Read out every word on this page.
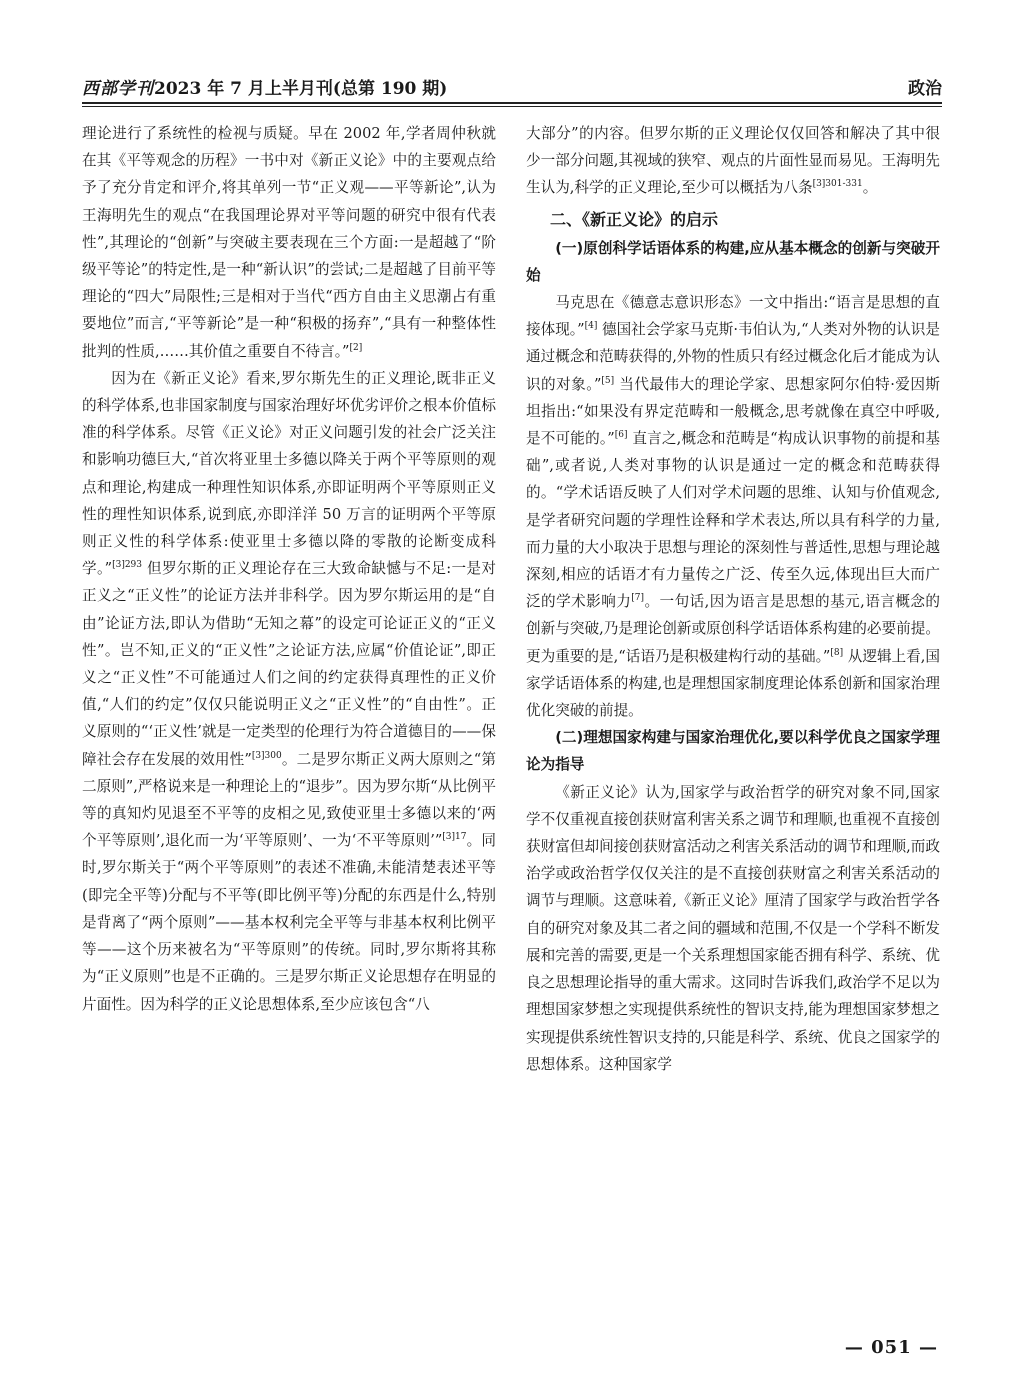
西部学刊2023 年 7 月上半月刊(总第 190 期)	政治

理论进行了系统性的检视与质疑。早在 2002 年,学者周仲秋就在其《平等观念的历程》一书中对《新正义论》中的主要观点给予了充分肯定和评介,将其单列一节“正义观——平等新论”,认为王海明先生的观点“在我国理论界对平等问题的研究中很有代表性”,其理论的“创新”与突破主要表现在三个方面:一是超越了“阶级平等论”的特定性,是一种“新认识”的尝试;二是超越了目前平等理论的“四大”局限性;三是相对于当代“西方自由主义思潮占有重要地位”而言,“平等新论”是一种“积极的扬弃”,“具有一种整体性批判的性质,……其价值之重要自不待言。”[2]

因为在《新正义论》看来,罗尔斯先生的正义理论,既非正义的科学体系,也非国家制度与国家治理好坏优劣评价之根本价值标准的科学体系。尽管《正义论》对正义问题引发的社会广泛关注和影响功德巨大,“首次将亚里士多德以降关于两个平等原则的观点和理论,构建成一种理性知识体系,亦即证明两个平等原则正义性的理性知识体系,说到底,亦即洋洋 50 万言的证明两个平等原则正义性的科学体系:使亚里士多德以降的零散的论断变成科学。”$^{[3]293}$ 但罗尔斯的正义理论存在三大致命缺憾与不足:一是对正义之“正义性”的论证方法并非科学。因为罗尔斯运用的是“自由”论证方法,即认为借助“无知之幕”的设定可论证正义的“正义性”。岂不知,正义的“正义性”之论证方法,应属“价值论证”,即正义之“正义性”不可能通过人们之间的约定获得真理性的正义价值,“人们的约定”仅仅只能说明正义之“正义性”的“自由性”。正义原则的“‘正义性’就是一定类型的伦理行为符合道德目的——保障社会存在发展的效用性”$^{[3]300}$。二是罗尔斯正义两大原则之“第二原则”,严格说来是一种理论上的“退步”。因为罗尔斯“从比例平等的真知灼见退至不平等的皮相之见,致使亚里士多德以来的‘两个平等原则’,退化而一为‘平等原则’、一为‘不平等原则’”$^{[3]17}$。同时,罗尔斯关于“两个平等原则”的表述不准确,未能清楚表述平等(即完全平等)分配与不平等(即比例平等)分配的东西是什么,特别是背离了“两个原则”——基本权利完全平等与非基本权利比例平等——这个历来被名为“平等原则”的传统。同时,罗尔斯将其称为“正义原则”也是不正确的。三是罗尔斯正义论思想存在明显的片面性。因为科学的正义论思想体系,至少应该包含“八

大部分”的内容。但罗尔斯的正义理论仅仅回答和解决了其中很少一部分问题,其视域的狭窄、观点的片面性显而易见。王海明先生认为,科学的正义理论,至少可以概括为八条$^{[3]301-331}$。

二、《新正义论》的启示
(一)原创科学话语体系的构建,应从基本概念的创新与突破开始

马克思在《德意志意识形态》一文中指出:“语言是思想的直接体现。”[4] 德国社会学家马克斯·韦伯认为,“人类对外物的认识是通过概念和范畴获得的,外物的性质只有经过概念化后才能成为认识的对象。”[5] 当代最伟大的理论学家、思想家阿尔伯特·爱因斯坦指出:“如果没有界定范畴和一般概念,思考就像在真空中呼吸,是不可能的。”[6] 直言之,概念和范畴是“构成认识事物的前提和基础”,或者说,人类对事物的认识是通过一定的概念和范畴获得的。“学术话语反映了人们对学术问题的思维、认知与价值观念,是学者研究问题的学理性诠释和学术表达,所以具有科学的力量,而力量的大小取决于思想与理论的深刻性与普适性,思想与理论越深刻,相应的话语才有力量传之广泛、传至久远,体现出巨大而广泛的学术影响力[7]。一句话,因为语言是思想的基元,语言概念的创新与突破,乃是理论创新或原创科学话语体系构建的必要前提。更为重要的是,“话语乃是积极建构行动的基础。”[8] 从逻辑上看,国家学话语体系的构建,也是理想国家制度理论体系创新和国家治理优化突破的前提。

(二)理想国家构建与国家治理优化,要以科学优良之国家学理论为指导

《新正义论》认为,国家学与政治哲学的研究对象不同,国家学不仅重视直接创获财富利害关系之调节和理顺,也重视不直接创获财富但却间接创获财富活动之利害关系活动的调节和理顺,而政治学或政治哲学仅仅关注的是不直接创获财富之利害关系活动的调节与理顺。这意味着,《新正义论》厘清了国家学与政治哲学各自的研究对象及其二者之间的疆域和范围,不仅是一个学科不断发展和完善的需要,更是一个关系理想国家能否拥有科学、系统、优良之思想理论指导的重大需求。这同时告诉我们,政治学不足以为理想国家梦想之实现提供系统性的智识支持,能为理想国家梦想之实现提供系统性智识支持的,只能是科学、系统、优良之国家学的思想体系。这种国家学

— 051 —
